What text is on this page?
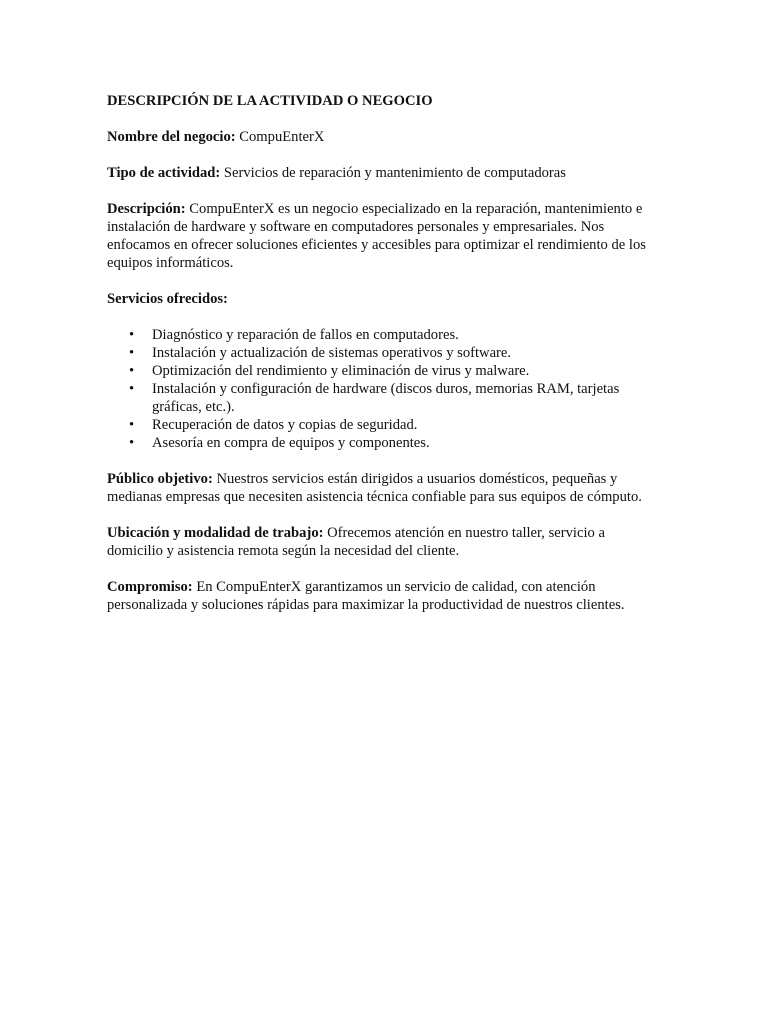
DESCRIPCIÓN DE LA ACTIVIDAD O NEGOCIO

Nombre del negocio: CompuEnterX

Tipo de actividad: Servicios de reparación y mantenimiento de computadoras

Descripción: CompuEnterX es un negocio especializado en la reparación, mantenimiento e instalación de hardware y software en computadores personales y empresariales. Nos enfocamos en ofrecer soluciones eficientes y accesibles para optimizar el rendimiento de los equipos informáticos.

Servicios ofrecidos:
• Diagnóstico y reparación de fallos en computadores.
• Instalación y actualización de sistemas operativos y software.
• Optimización del rendimiento y eliminación de virus y malware.
• Instalación y configuración de hardware (discos duros, memorias RAM, tarjetas gráficas, etc.).
• Recuperación de datos y copias de seguridad.
• Asesoría en compra de equipos y componentes.

Público objetivo: Nuestros servicios están dirigidos a usuarios domésticos, pequeñas y medianas empresas que necesiten asistencia técnica confiable para sus equipos de cómputo.

Ubicación y modalidad de trabajo: Ofrecemos atención en nuestro taller, servicio a domicilio y asistencia remota según la necesidad del cliente.

Compromiso: En CompuEnterX garantizamos un servicio de calidad, con atención personalizada y soluciones rápidas para maximizar la productividad de nuestros clientes.
